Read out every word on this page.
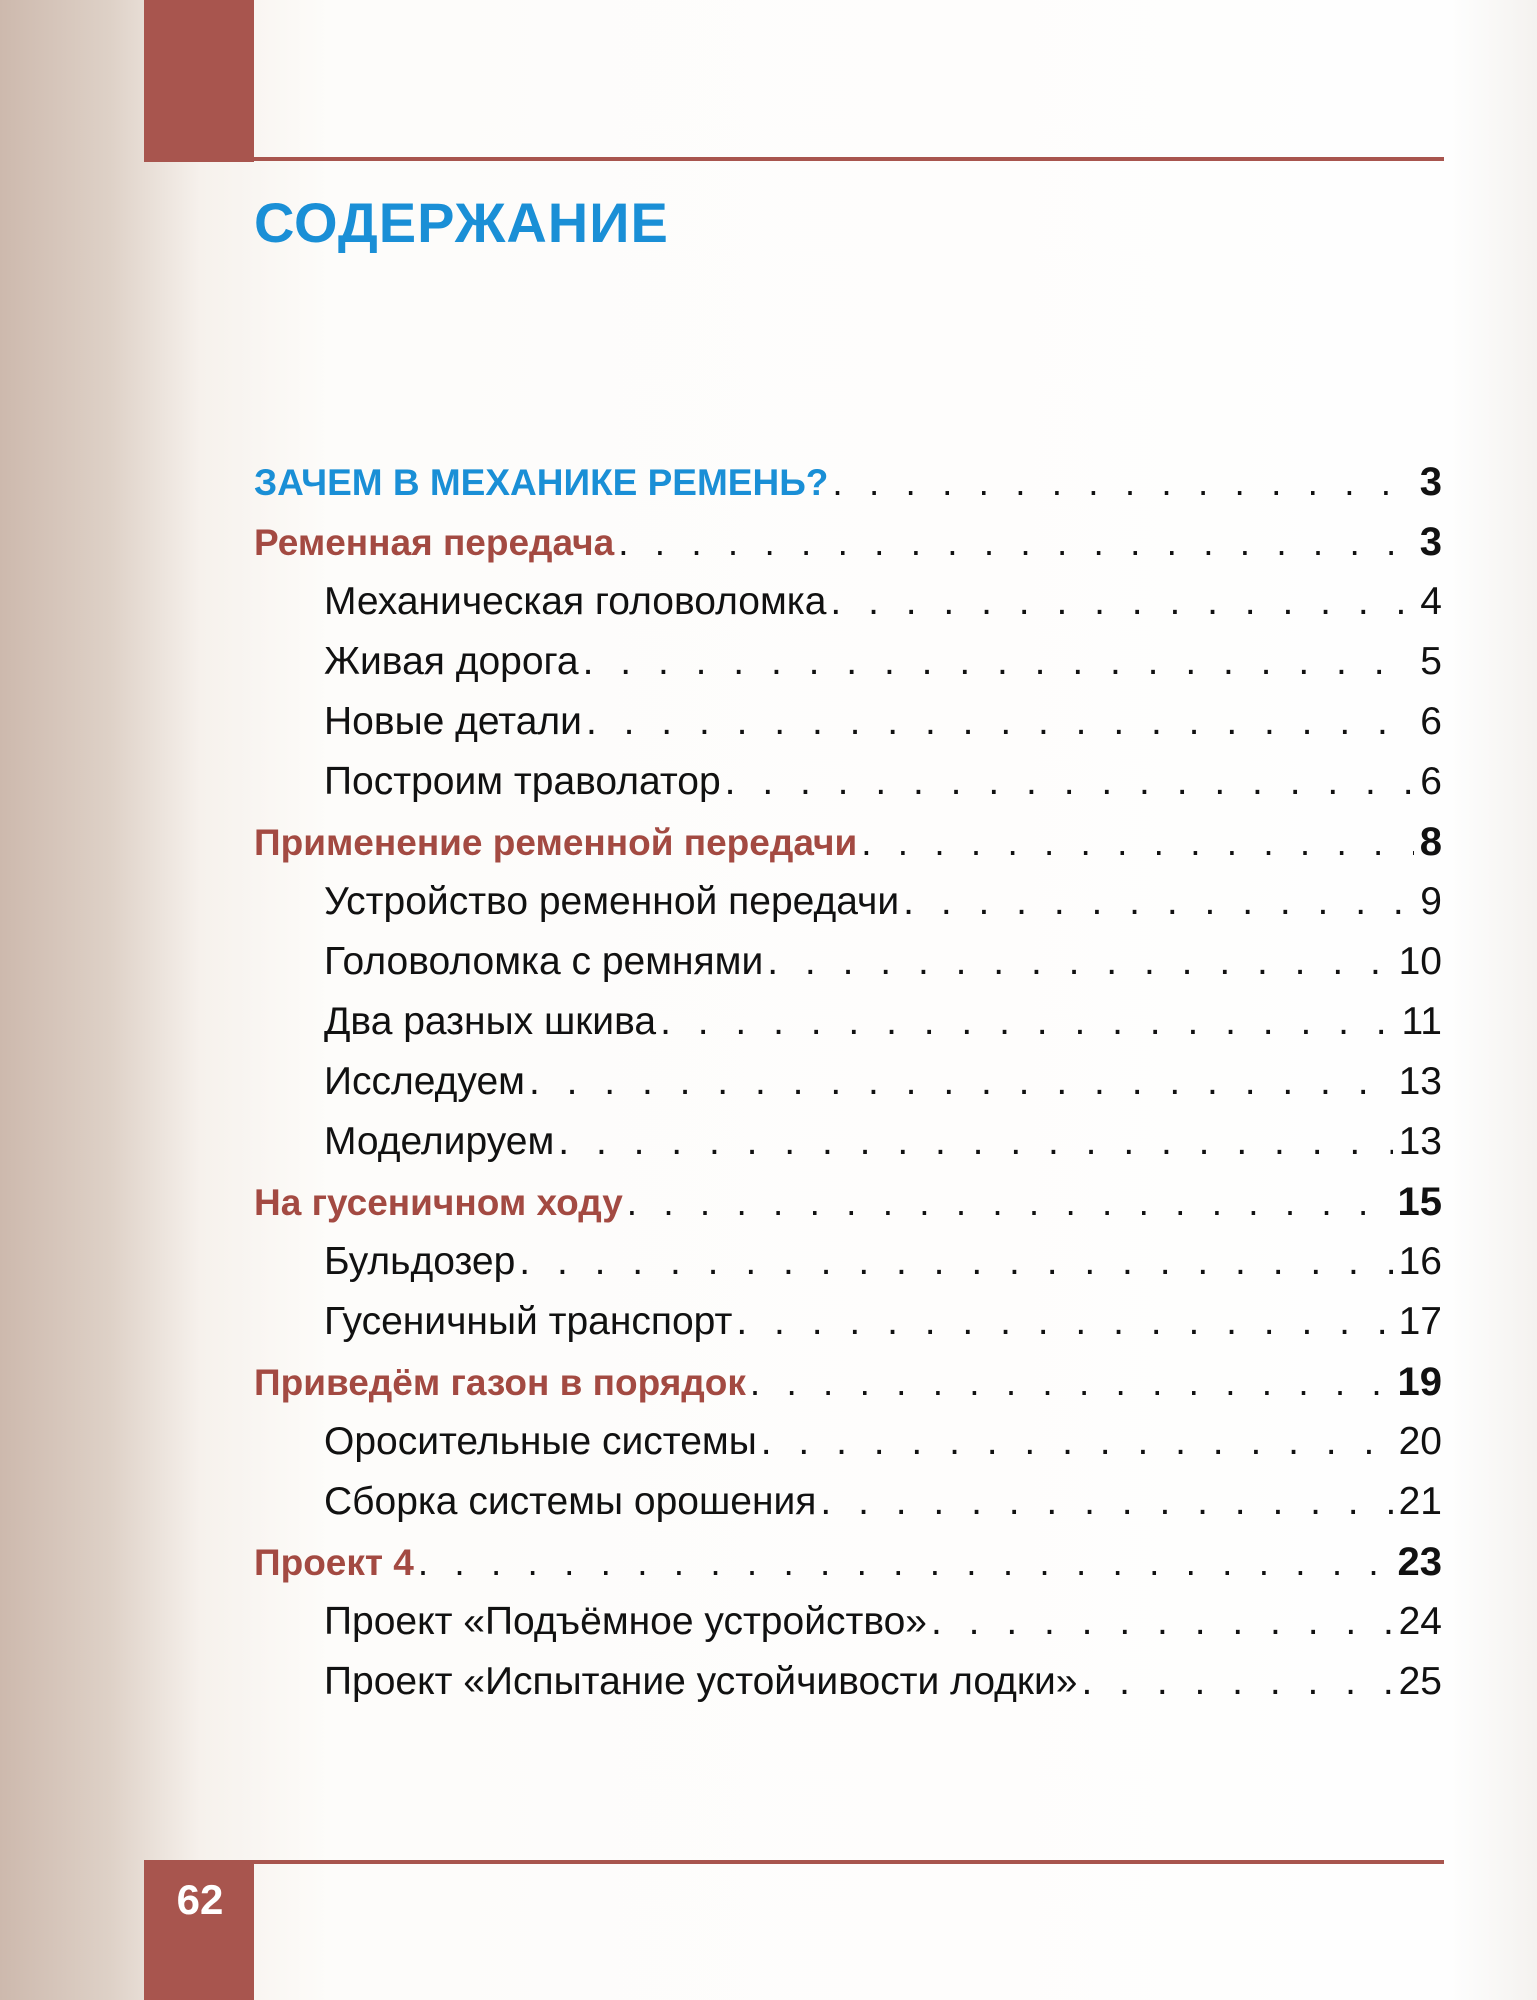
СОДЕРЖАНИЕ
ЗАЧЕМ В МЕХАНИКЕ РЕМЕНЬ? . . .	3
Ременная передача . . .	3
Механическая головоломка . . .	4
Живая дорога . . .	5
Новые детали . . .	6
Построим траволатор . . .	6
Применение ременной передачи . . .	8
Устройство ременной передачи . . .	9
Головоломка с ремнями . . .	10
Два разных шкива . . .	11
Исследуем . . .	13
Моделируем . . .	13
На гусеничном ходу . . .	15
Бульдозер . . .	16
Гусеничный транспорт . . .	17
Приведём газон в порядок . . .	19
Оросительные системы . . .	20
Сборка системы орошения . . .	21
Проект 4 . . .	23
Проект «Подъёмное устройство» . . .	24
Проект «Испытание устойчивости лодки» . . .	25
62
